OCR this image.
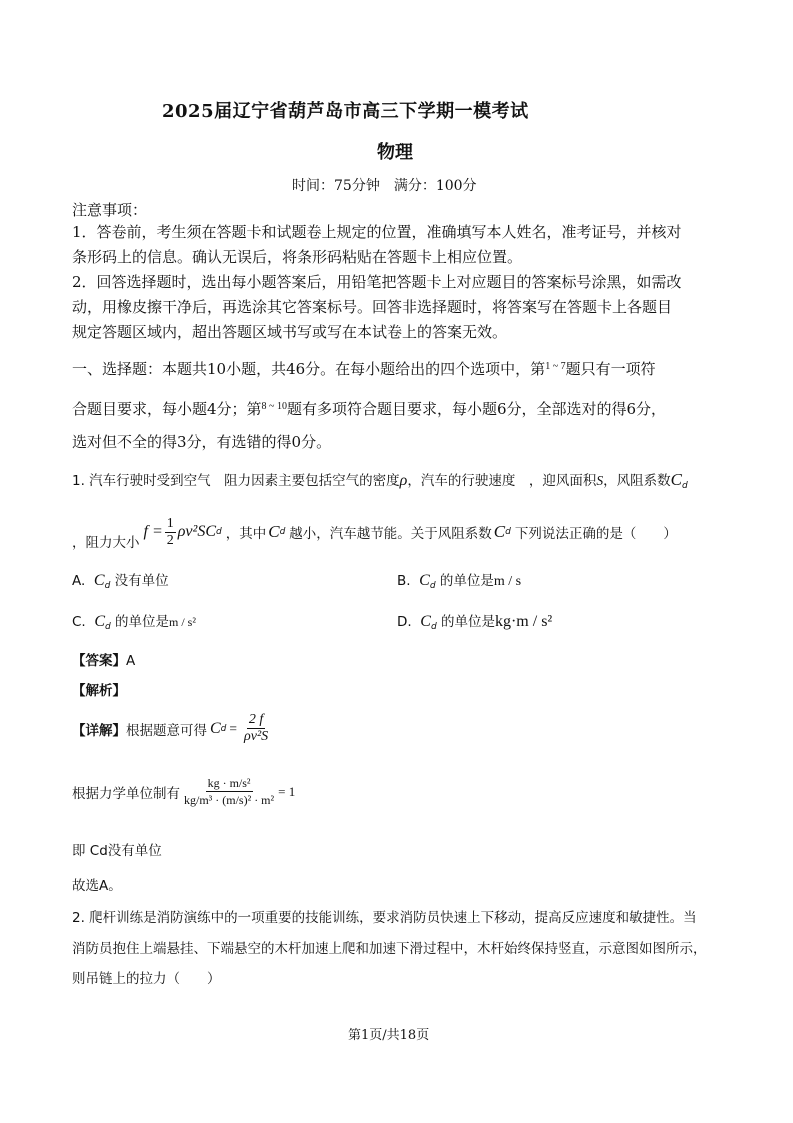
2025届辽宁省葫芦岛市高三下学期一模考试
物理
时间：75分钟　满分：100分
注意事项：
1．答卷前，考生须在答题卡和试题卷上规定的位置，准确填写本人姓名，准考证号，并核对
条形码上的信息。确认无误后，将条形码粘贴在答题卡上相应位置。
2．回答选择题时，选出每小题答案后，用铅笔把答题卡上对应题目的答案标号涂黑，如需改
动，用橡皮擦干净后，再选涂其它答案标号。回答非选择题时，将答案写在答题卡上各题目
规定答题区域内，超出答题区域书写或写在本试卷上的答案无效。
一、选择题：本题共10小题，共46分。在每小题给出的四个选项中，第$^{1 \sim 7}$题只有一项符
合题目要求，每小题4分；第$^{8 \sim 10}$题有多项符合题目要求，每小题6分，全部选对的得6分，
选对但不全的得3分，有选错的得0分。
1. 汽车行驶时受到空气　阻力因素主要包括空气的密度ρ，汽车的行驶速度　，迎风面积S，风阻系数$C_d$
，阻力大小
$f = \frac{1}{2} \rho v^2SC$ d ，其中 C d 越小，汽车越节能。关于风阻系数 C d 下列说法正确的是（　　）
A. $C_d$ 没有单位	B. $C_d$ 的单位是m / s
C. $C_d$ 的单位是m / s²	D. $C_d$ 的单位是kg·m / s²
【答案】A
【解析】
【详解】 根据题意可得 C $d = \frac{2 f}{\text{ρv²S}}$
根据力学单位制有 $\frac{\text{kg · m/s²}}{\text{kg/m³ · (m/s)² · m²}} = 1$
即 Cd没有单位
故选A。
2. 爬杆训练是消防演练中的一项重要的技能训练，要求消防员快速上下移动，提高反应速度和敏捷性。当
消防员抱住上端悬挂、下端悬空的木杆加速上爬和加速下滑过程中，木杆始终保持竖直，示意图如图所示，
则吊链上的拉力（　　）
第1页/共18页
